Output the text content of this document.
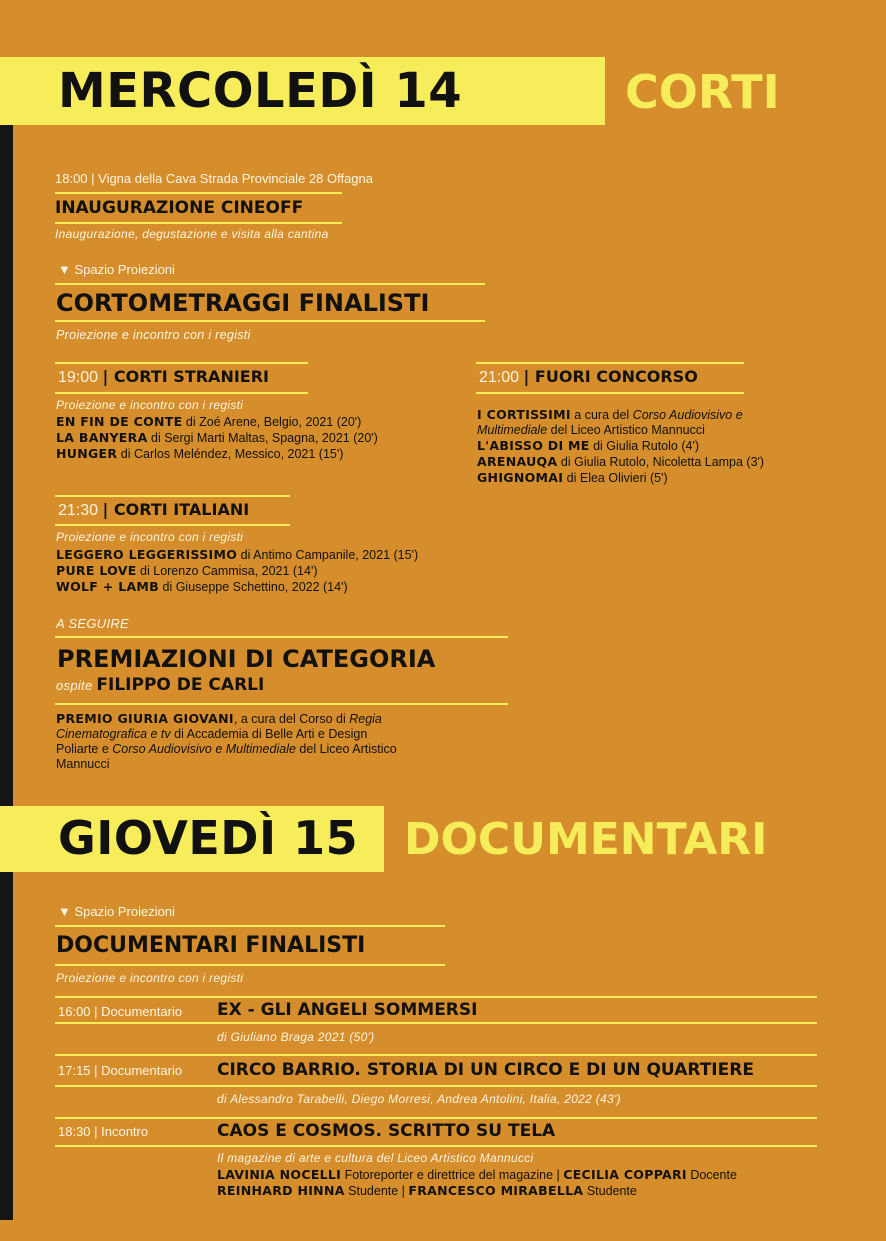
MERCOLEDÌ 14	CORTI
18:00 | Vigna della Cava Strada Provinciale 28 Offagna
INAUGURAZIONE CINEOFF
Inaugurazione, degustazione e visita alla cantina
▼ Spazio Proiezioni
CORTOMETRAGGI FINALISTI
Proiezione e incontro con i registi
19:00 | CORTI STRANIERI
Proiezione e incontro con i registi
EN FIN DE CONTE di Zoé Arene, Belgio, 2021 (20')
LA BANYERA di Sergi Marti Maltas, Spagna, 2021 (20')
HUNGER di Carlos Meléndez, Messico, 2021 (15')
21:00 | FUORI CONCORSO
I CORTISSIMI a cura del Corso Audiovisivo e
Multimediale del Liceo Artistico Mannucci
L'ABISSO DI ME di Giulia Rutolo (4')
ARENAUQA di Giulia Rutolo, Nicoletta Lampa (3')
GHIGNOMAI di Elea Olivieri (5')
21:30 | CORTI ITALIANI
Proiezione e incontro con i registi
LEGGERO LEGGERISSIMO di Antimo Campanile, 2021 (15')
PURE LOVE di Lorenzo Cammisa, 2021 (14')
WOLF + LAMB di Giuseppe Schettino, 2022 (14')
A SEGUIRE
PREMIAZIONI DI CATEGORIA
ospite FILIPPO DE CARLI
PREMIO GIURIA GIOVANI, a cura del Corso di Regia
Cinematografica e tv di Accademia di Belle Arti e Design
Poliarte e Corso Audiovisivo e Multimediale del Liceo Artistico
Mannucci
GIOVEDÌ 15 DOCUMENTARI
▼ Spazio Proiezioni
DOCUMENTARI FINALISTI
Proiezione e incontro con i registi
16:00 | Documentario EX - GLI ANGELI SOMMERSI
di Giuliano Braga 2021 (50')
17:15 | Documentario CIRCO BARRIO. STORIA DI UN CIRCO E DI UN QUARTIERE
di Alessandro Tarabelli, Diego Morresi, Andrea Antolini, Italia, 2022 (43')
18:30 | Incontro	CAOS E COSMOS. SCRITTO SU TELA
Il magazine di arte e cultura del Liceo Artistico Mannucci
LAVINIA NOCELLI Fotoreporter e direttrice del magazine | CECILIA COPPARI Docente
REINHARD HINNA Studente | FRANCESCO MIRABELLA Studente
